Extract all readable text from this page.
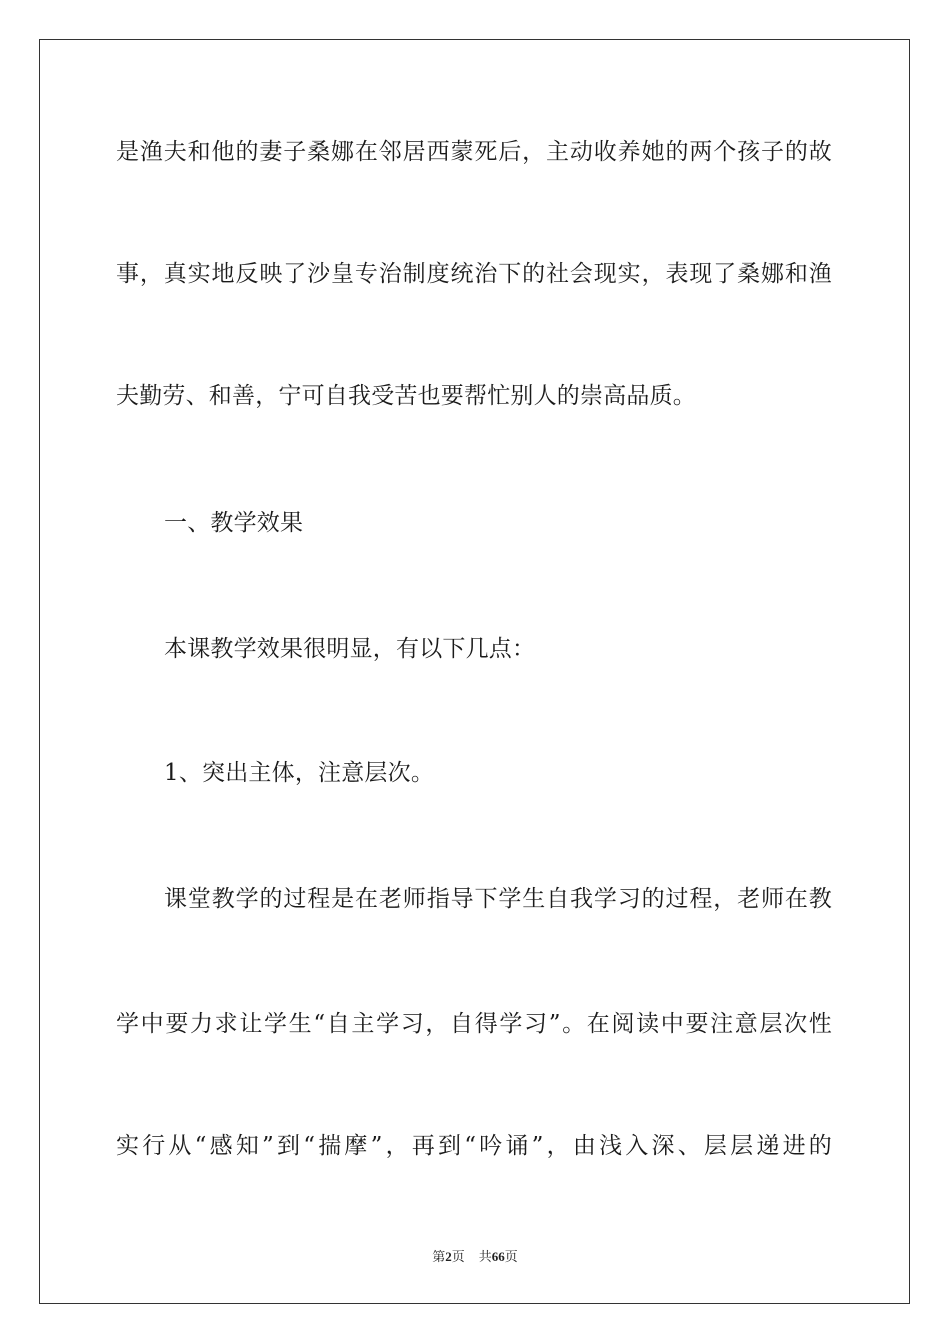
是渔夫和他的妻子桑娜在邻居西蒙死后，主动收养她的两个孩子的故
事，真实地反映了沙皇专治制度统治下的社会现实，表现了桑娜和渔
夫勤劳、和善，宁可自我受苦也要帮忙别人的崇高品质。
一、教学效果
本课教学效果很明显，有以下几点：
1、突出主体，注意层次。
课堂教学的过程是在老师指导下学生自我学习的过程，老师在教
学中要力求让学生“自主学习，自得学习”。在阅读中要注意层次性
实行从“感知”到“揣摩”，再到“吟诵”，由浅入深、层层递进的
第2页 共66页
